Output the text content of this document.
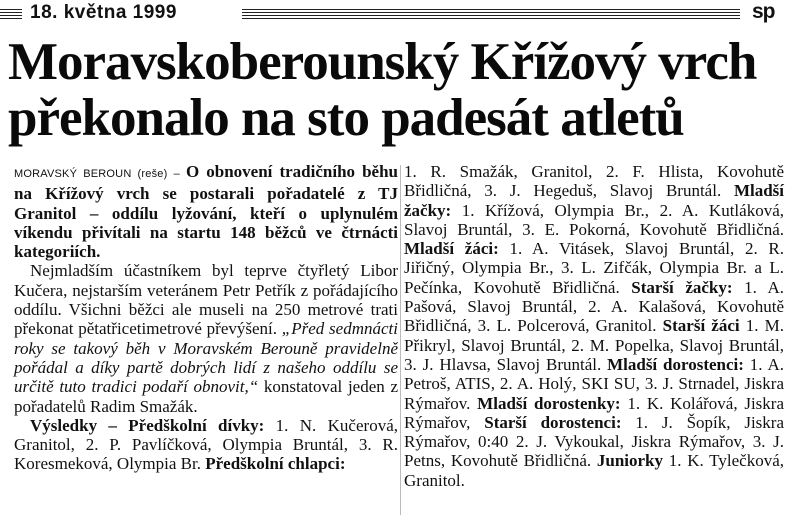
18. května 1999	sp
Moravskoberounský Křížový vrch překonalo na sto padesát atletů

MORAVSKÝ BEROUN (reše) – O obnovení tradičního běhu na Křížový vrch se postarali pořadatelé z TJ Granitol – oddílu lyžování, kteří o uplynulém víkendu přivítali na startu 148 běžců ve čtrnácti kategoriích.

Nejmladším účastníkem byl teprve čtyřletý Libor Kučera, nejstarším veteránem Petr Petřík z pořádajícího oddílu. Všichni běžci ale museli na 250 metrové trati překonat pětatřicetimetrové převýšení. „Před sedmnácti roky se takový běh v Moravském Berouně pravidelně pořádal a díky partě dobrých lidí z našeho oddílu se určitě tuto tradici podaří obnovit,“ konstatoval jeden z pořadatelů Radim Smažák.

Výsledky – Předškolní dívky: 1. N. Kučerová, Granitol, 2. P. Pavlíčková, Olympia Bruntál, 3. R. Koresmeková, Olympia Br. Předškolní chlapci:

1. R. Smažák, Granitol, 2. F. Hlista, Kovohutě Břidličná, 3. J. Hegeduš, Slavoj Bruntál. Mladší žačky: 1. Křížová, Olympia Br., 2. A. Kutláková, Slavoj Bruntál, 3. E. Pokorná, Kovohutě Břidličná. Mladší žáci: 1. A. Vitásek, Slavoj Bruntál, 2. R. Jiřičný, Olympia Br., 3. L. Zifčák, Olympia Br. a L. Pečínka, Kovohutě Břidličná. Starší žačky: 1. A. Pašová, Slavoj Bruntál, 2. A. Kalašová, Kovohutě Břidličná, 3. L. Polcerová, Granitol. Starší žáci 1. M. Přikryl, Slavoj Bruntál, 2. M. Popelka, Slavoj Bruntál, 3. J. Hlavsa, Slavoj Bruntál. Mladší dorostenci: 1. A. Petroš, ATIS, 2. A. Holý, SKI SU, 3. J. Strnadel, Jiskra Rýmařov. Mladší dorostenky: 1. K. Kolářová, Jiskra Rýmařov, Starší dorostenci: 1. J. Šopík, Jiskra Rýmařov, 0:40 2. J. Vykoukal, Jiskra Rýmařov, 3. J. Petns, Kovohutě Břidličná. Juniorky 1. K. Tylečková, Granitol.
